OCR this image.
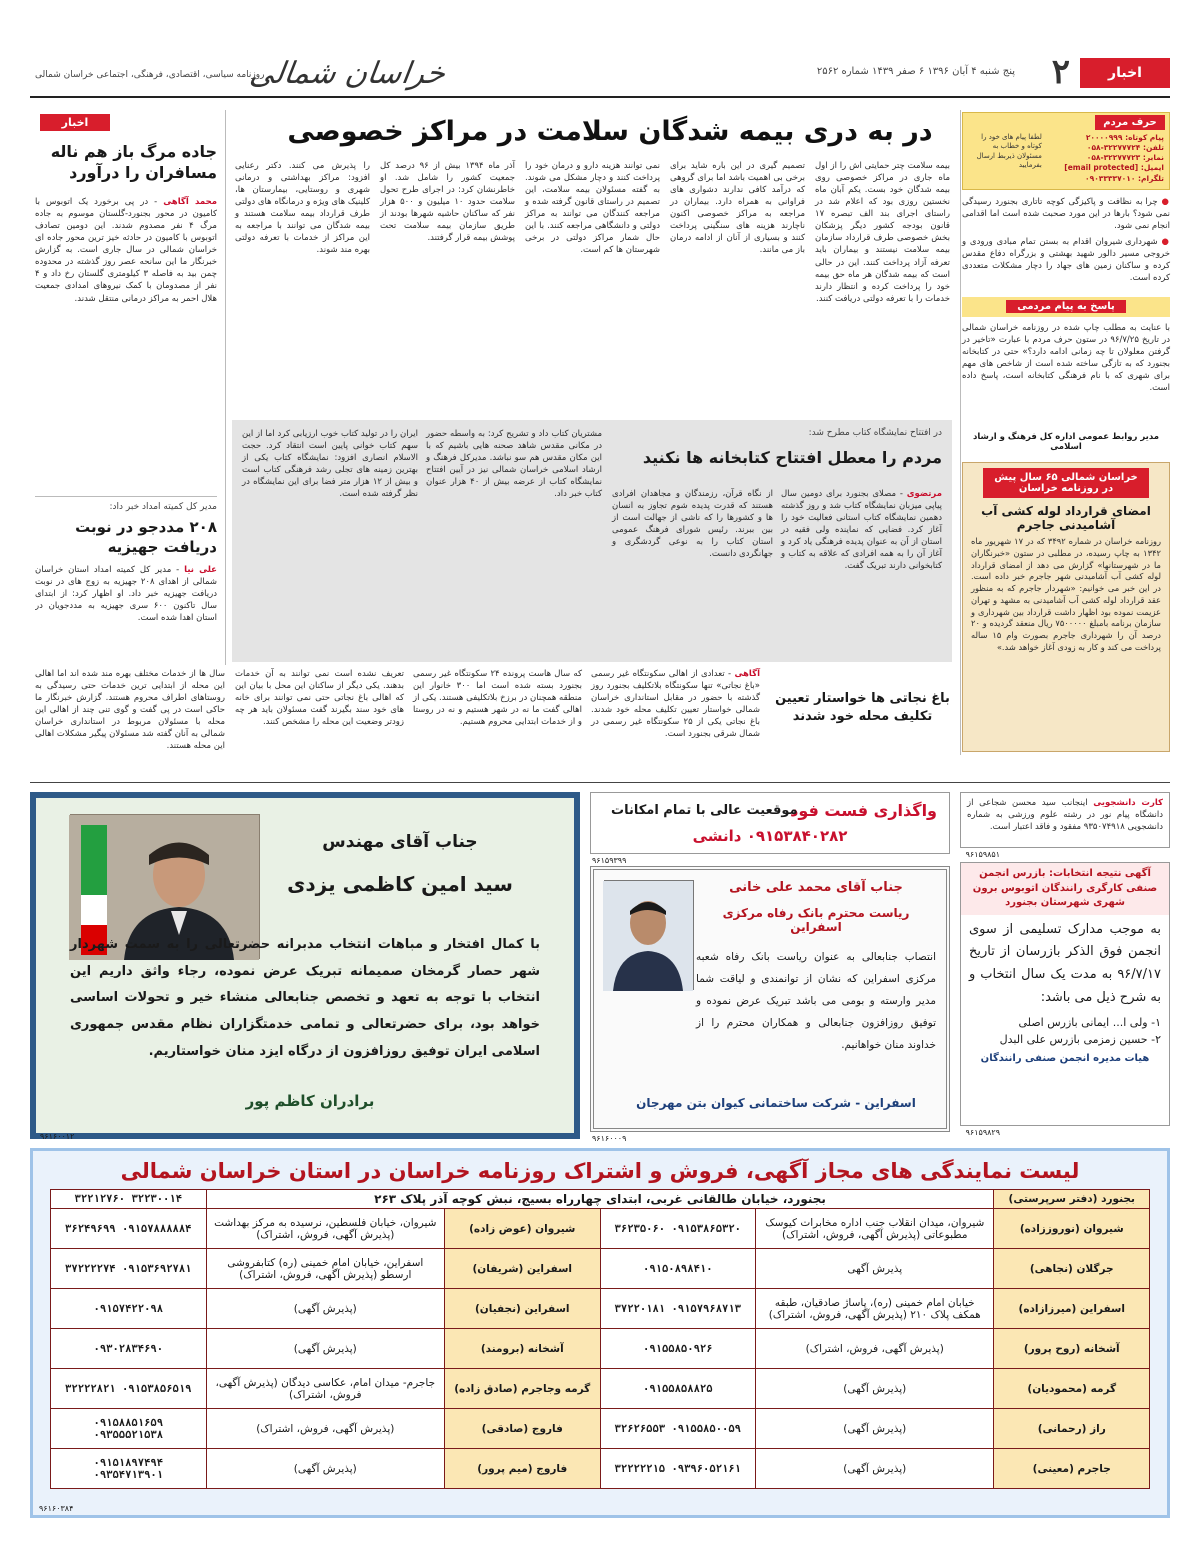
اخبار
۲
پنج شنبه ۴ آبان ۱۳۹۶ ۶ صفر ۱۴۳۹ شماره ۲۵۶۲
خراسان شمالی
روزنامه سیاسی، اقتصادی، فرهنگی، اجتماعی خراسان شمالی
حرف مردم
پیام کوتاه: ۲۰۰۰۰۹۹۹
تلفن: ۳۲۲۷۷۷۲۴-۰۵۸
نمابر: ۳۲۲۷۷۷۲۳-۰۵۸
ایمیل: [email protected]
تلگرام: ۰۹۰۳۳۳۳۷۰۱۰
لطفا پیام های خود را کوتاه و خطاب به مسئولان ذیربط ارسال بفرمایید
● چرا به نظافت و پاکیزگی کوچه تاتاری بجنورد رسیدگی نمی شود؟ بارها در این مورد صحبت شده است اما اقدامی انجام نمی شود.
● شهرداری شیروان اقدام به بستن تمام مبادی ورودی و خروجی مسیر دالور شهید بهشتی و بزرگراه دفاع مقدس کرده و ساکنان زمین های جهاد را دچار مشکلات متعددی کرده است.
پاسخ به پیام مردمی
با عنایت به مطلب چاپ شده در روزنامه خراسان شمالی در تاریخ ۹۶/۷/۲۵ در ستون حرف مردم با عبارت «تاخیر در گرفتن معلولان تا چه زمانی ادامه دارد؟» حتی در کتابخانه بجنورد که به تازگی ساخته شده است از شاخص های مهم برای شهری که با نام فرهنگی کتابخانه است، پاسخ داده است.
مدیر روابط عمومی اداره کل فرهنگ و ارشاد اسلامی
خراسان شمالی ۶۵ سال پیش در روزنامه خراسان
امضای قرارداد لوله کشی آب آشامیدنی جاجرم
روزنامه خراسان در شماره ۳۴۹۲ که در ۱۷ شهریور ماه ۱۳۴۲ به چاپ رسیده، در مطلبی در ستون «خبرنگاران ما در شهرستانها» گزارش می دهد از امضای قرارداد لوله کشی آب آشامیدنی شهر جاجرم خبر داده است. در این خبر می خوانیم: «شهردار جاجرم که به منظور عقد قرارداد لوله کشی آب آشامیدنی به مشهد و تهران عزیمت نموده بود اظهار داشت قرارداد بین شهرداری و سازمان برنامه بامبلغ ۷۵۰۰۰۰۰ ریال منعقد گردیده و ۲۰ درصد آن را شهرداری جاجرم بصورت وام ۱۵ ساله پرداخت می کند و کار به زودی آغاز خواهد شد.»
در به دری بیمه شدگان سلامت در مراکز خصوصی
بیمه سلامت چتر حمایتی اش را از اول ماه جاری در مراکز خصوصی روی بیمه شدگان خود بست. یکم آبان ماه نخستین روزی بود که اعلام شد در راستای اجرای بند الف تبصره ۱۷ قانون بودجه کشور دیگر پزشکان بخش خصوصی طرف قرارداد سازمان بیمه سلامت نیستند و بیماران باید تعرفه آزاد پرداخت کنند. این در حالی است که بیمه شدگان هر ماه حق بیمه خود را پرداخت کرده و انتظار دارند خدمات را با تعرفه دولتی دریافت کنند.
تصمیم گیری در این باره شاید برای برخی بی اهمیت باشد اما برای گروهی که درآمد کافی ندارند دشواری های فراوانی به همراه دارد. بیماران در مراجعه به مراکز خصوصی اکنون ناچارند هزینه های سنگینی پرداخت کنند و بسیاری از آنان از ادامه درمان باز می مانند.
نمی توانند هزینه دارو و درمان خود را پرداخت کنند و دچار مشکل می شوند. به گفته مسئولان بیمه سلامت، این تصمیم در راستای قانون گرفته شده و مراجعه کنندگان می توانند به مراکز دولتی و دانشگاهی مراجعه کنند. با این حال شمار مراکز دولتی در برخی شهرستان ها کم است.
آذر ماه ۱۳۹۴ بیش از ۹۶ درصد کل جمعیت کشور را شامل شد. او خاطرنشان کرد: در اجرای طرح تحول سلامت حدود ۱۰ میلیون و ۵۰۰ هزار نفر که ساکنان حاشیه شهرها بودند از طریق سازمان بیمه سلامت تحت پوشش بیمه قرار گرفتند.
را پذیرش می کنند. دکتر رعنایی افزود: مراکز بهداشتی و درمانی شهری و روستایی، بیمارستان ها، کلینیک های ویژه و درمانگاه های دولتی طرف قرارداد بیمه سلامت هستند و بیمه شدگان می توانند با مراجعه به این مراکز از خدمات با تعرفه دولتی بهره مند شوند.
در افتتاح نمایشگاه کتاب مطرح شد:
مردم را معطل افتتاح کتابخانه ها نکنید
مرتضوی - مصلای بجنورد برای دومین سال پیاپی میزبان نمایشگاه کتاب شد و روز گذشته دهمین نمایشگاه کتاب استانی فعالیت خود را آغاز کرد. فضایی که نماینده ولی فقیه در استان از آن به عنوان پدیده فرهنگی یاد کرد و آغاز آن را به همه افرادی که علاقه به کتاب و کتابخوانی دارند تبریک گفت.
از نگاه قرآن، رزمندگان و مجاهدان افرادی هستند که قدرت پدیده شوم تجاوز به انسان ها و کشورها را که ناشی از جهالت است از بین ببرند. رئیس شورای فرهنگ عمومی استان کتاب را به نوعی گردشگری و جهانگردی دانست.
مشتریان کتاب داد و تشریح کرد: به واسطه حضور در مکانی مقدس شاهد صحنه هایی باشیم که با این مکان مقدس هم سو نباشد. مدیرکل فرهنگ و ارشاد اسلامی خراسان شمالی نیز در آیین افتتاح نمایشگاه کتاب از عرضه بیش از ۴۰ هزار عنوان کتاب خبر داد.
ایران را در تولید کتاب خوب ارزیابی کرد اما از این سهم کتاب خوانی پایین است انتقاد کرد. حجت الاسلام انصاری افزود: نمایشگاه کتاب یکی از بهترین زمینه های تجلی رشد فرهنگی کتاب است و بیش از ۱۲ هزار متر فضا برای این نمایشگاه در نظر گرفته شده است.
باغ نجاتی ها خواستار تعیین تکلیف محله خود شدند
آگاهی - تعدادی از اهالی سکونتگاه غیر رسمی «باغ نجاتی» تنها سکونتگاه بلاتکلیف بجنورد روز گذشته با حضور در مقابل استانداری خراسان شمالی خواستار تعیین تکلیف محله خود شدند. باغ نجاتی یکی از ۲۵ سکونتگاه غیر رسمی در شمال شرقی بجنورد است.
که سال هاست پرونده ۲۴ سکونتگاه غیر رسمی بجنورد بسته شده است اما ۳۰۰ خانوار این منطقه همچنان در برزخ بلاتکلیفی هستند. یکی از اهالی گفت ما نه در شهر هستیم و نه در روستا و از خدمات ابتدایی محروم هستیم.
تعریف نشده است نمی توانند به آن خدمات بدهند. یکی دیگر از ساکنان این محل با بیان این که اهالی باغ نجاتی حتی نمی توانند برای خانه های خود سند بگیرند گفت مسئولان باید هر چه زودتر وضعیت این محله را مشخص کنند.
اخبار
جاده مرگ باز هم ناله مسافران را درآورد
محمد آگاهی - در پی برخورد یک اتوبوس با کامیون در محور بجنورد-گلستان موسوم به جاده مرگ ۴ نفر مصدوم شدند. این دومین تصادف اتوبوس با کامیون در حادثه خیز ترین محور جاده ای خراسان شمالی در سال جاری است. به گزارش خبرنگار ما این سانحه عصر روز گذشته در محدوده چمن بید به فاصله ۳ کیلومتری گلستان رخ داد و ۴ نفر از مصدومان با کمک نیروهای امدادی جمعیت هلال احمر به مراکز درمانی منتقل شدند.
مدیر کل کمیته امداد خبر داد:
۲۰۸ مددجو در نوبت دریافت جهیزیه
علی نیا - مدیر کل کمیته امداد استان خراسان شمالی از اهدای ۲۰۸ جهیزیه به زوج های در نوبت دریافت جهیزیه خبر داد. او اظهار کرد: از ابتدای سال تاکنون ۶۰۰ سری جهیزیه به مددجویان در استان اهدا شده است.
سال ها از خدمات مختلف بهره مند شده اند اما اهالی این محله از ابتدایی ترین خدمات حتی رسیدگی به روستاهای اطراف محروم هستند. گزارش خبرنگار ما حاکی است در پی گفت و گوی تنی چند از اهالی این محله با مسئولان مربوط در استانداری خراسان شمالی به آنان گفته شد مسئولان پیگیر مشکلات اهالی این محله هستند.
جناب آقای مهندس
سید امین کاظمی یزدی
با کمال افتخار و مباهات انتخاب مدبرانه حضرتعالی را به سمت شهردار شهر حصار گرمخان صمیمانه تبریک عرض نموده، رجاء واثق داریم این انتخاب با توجه به تعهد و تخصص جنابعالی منشاء خیر و تحولات اساسی خواهد بود، برای حضرتعالی و تمامی خدمتگزاران نظام مقدس جمهوری اسلامی ایران توفیق روزافزون از درگاه ایزد منان خواستاریم.
برادران کاظم پور
۹۶۱۶۰۰۱۲
واگذاری فست فود
موقعیت عالی با تمام امکانات
۰۹۱۵۳۸۴۰۲۸۲ دانشی
۹۶۱۵۹۳۹۹
جناب آقای محمد علی خانی
ریاست محترم بانک رفاه مرکزی اسفراین
انتصاب جنابعالی به عنوان ریاست بانک رفاه شعبه مرکزی اسفراین که نشان از توانمندی و لیاقت شما مدیر وارسته و بومی می باشد تبریک عرض نموده و توفیق روزافزون جنابعالی و همکاران محترم را از خداوند منان خواهانیم.
اسفراین - شرکت ساختمانی کیوان بتن مهرجان
۹۶۱۶۰۰۰۹
کارت دانشجویی اینجانب سید محسن شجاعی از دانشگاه پیام نور در رشته علوم ورزشی به شماره دانشجویی ۹۳۵۰۷۴۹۱۸ مفقود و فاقد اعتبار است.
۹۶۱۵۹۸۵۱
آگهی نتیجه انتخابات: بازرس انجمن صنفی کارگری رانندگان اتوبوس برون شهری شهرستان بجنورد
به موجب مدارک تسلیمی از سوی انجمن فوق الذکر بازرسان از تاریخ ۹۶/۷/۱۷ به مدت یک سال انتخاب و به شرح ذیل می باشد:
۱- ولی ا... ایمانی بازرس اصلی
۲- حسین زمزمی بازرس علی البدل
هیات مدیره انجمن صنفی رانندگان
۹۶۱۵۹۸۲۹
لیست نمایندگی های مجاز آگهی، فروش و اشتراک روزنامه خراسان در استان خراسان شمالی
بجنورد (دفتر سرپرستی)	بجنورد، خیابان طالقانی غربی، ابتدای چهارراه بسیج، نبش کوچه آذر پلاک ۲۶۳				۳۲۲۳۰۰۱۴ ۳۲۲۱۲۷۶۰
شیروان (نوروززاده)	شیروان، میدان انقلاب جنب اداره مخابرات کیوسک مطبوعاتی (پذیرش آگهی، فروش، اشتراک)	۰۹۱۵۳۸۶۵۳۲۰ ۳۶۲۳۵۰۶۰	شیروان (عوض زاده)	شیروان، خیابان فلسطین، نرسیده به مرکز بهداشت (پذیرش آگهی، فروش، اشتراک)	۰۹۱۵۷۸۸۸۸۸۴ ۳۶۲۴۹۶۹۹
جرگلان (نجاهی)	پذیرش آگهی	۰۹۱۵۰۸۹۸۴۱۰	اسفراین (شریفان)	اسفراین، خیابان امام خمینی (ره) کتابفروشی ارسطو (پذیرش آگهی، فروش، اشتراک)	۰۹۱۵۳۶۹۲۷۸۱ ۳۷۲۲۲۲۷۴
اسفراین (میرزازاده)	خیابان امام خمینی (ره)، پاساژ صادقیان، طبقه همکف پلاک ۲۱۰ (پذیرش آگهی، فروش، اشتراک)	۰۹۱۵۷۹۶۸۷۱۳ ۳۷۲۲۰۱۸۱	اسفراین (نجفیان)	(پذیرش آگهی)	۰۹۱۵۷۴۲۲۰۹۸
آشخانه (روح پرور)	(پذیرش آگهی، فروش، اشتراک)	۰۹۱۵۵۸۵۰۹۲۶	آشخانه (برومند)	(پذیرش آگهی)	۰۹۳۰۲۸۳۴۶۹۰
گرمه (محمودیان)	(پذیرش آگهی)	۰۹۱۵۵۸۵۸۸۲۵	گرمه وجاجرم (صادق زاده)	جاجرم- میدان امام، عکاسی دیدگان (پذیرش آگهی، فروش، اشتراک)	۰۹۱۵۳۸۵۶۵۱۹ ۳۲۲۲۲۸۲۱
راز (رحمانی)	(پذیرش آگهی)	۰۹۱۵۵۸۵۰۰۵۹ ۳۲۶۲۶۵۵۳	فاروج (صادقی)	(پذیرش آگهی، فروش، اشتراک)	۰۹۱۵۸۸۵۱۶۵۹ ۰۹۳۵۵۵۲۱۵۳۸
جاجرم (معینی)	(پذیرش آگهی)	۰۹۳۹۶۰۵۲۱۶۱ ۳۲۲۲۲۲۱۵	فاروج (میم پرور)	(پذیرش آگهی)	۰۹۱۵۱۸۹۷۴۹۴ ۰۹۳۵۴۷۱۳۹۰۱
۹۶۱۶۰۳۸۴
